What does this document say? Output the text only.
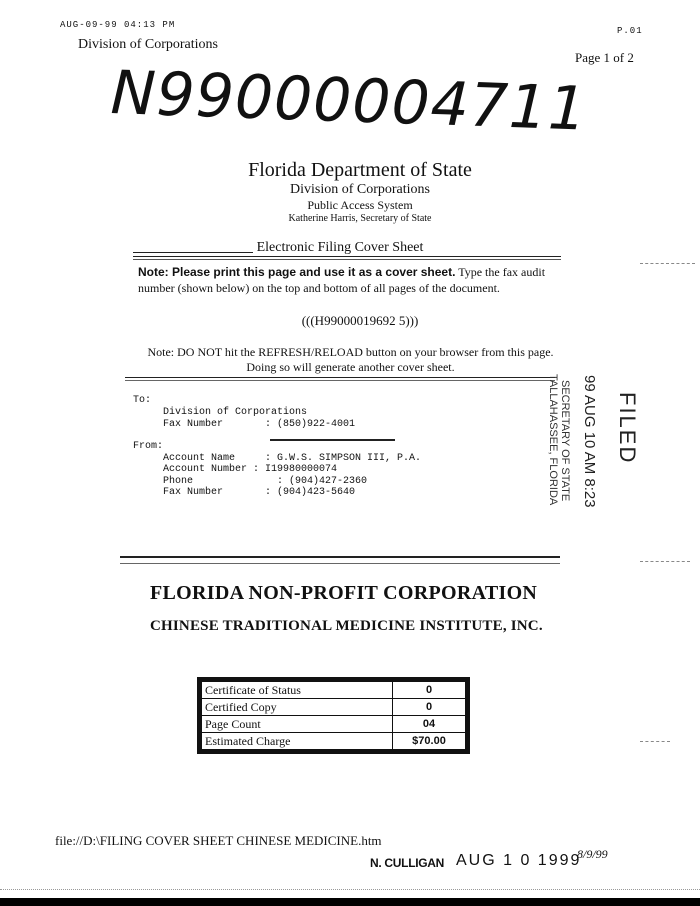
AUG-09-99 04:13 PM
P.01
Division of Corporations
Page 1 of 2
N99000004711
Florida Department of State
Division of Corporations
Public Access System
Katherine Harris, Secretary of State
Electronic Filing Cover Sheet
Note: Please print this page and use it as a cover sheet. Type the fax audit number (shown below) on the top and bottom of all pages of the document.
(((H99000019692 5)))
Note: DO NOT hit the REFRESH/RELOAD button on your browser from this page. Doing so will generate another cover sheet.
To:
Division of Corporations
Fax Number       : (850)922-4001
From:
Account Name     : G.W.S. SIMPSON III, P.A.
Account Number : I19980000074
Phone              : (904)427-2360
Fax Number       : (904)423-5640
FILED
99 AUG 10 AM 8:23
SECRETARY OF STATE
TALLAHASSEE, FLORIDA
FLORIDA NON-PROFIT CORPORATION
CHINESE TRADITIONAL MEDICINE INSTITUTE, INC.
Certificate of Status	0
Certified Copy	0
Page Count	04
Estimated Charge	$70.00
file://D:\FILING COVER SHEET CHINESE MEDICINE.htm
8/9/99
N. CULLIGAN AUG 1 0 1999
